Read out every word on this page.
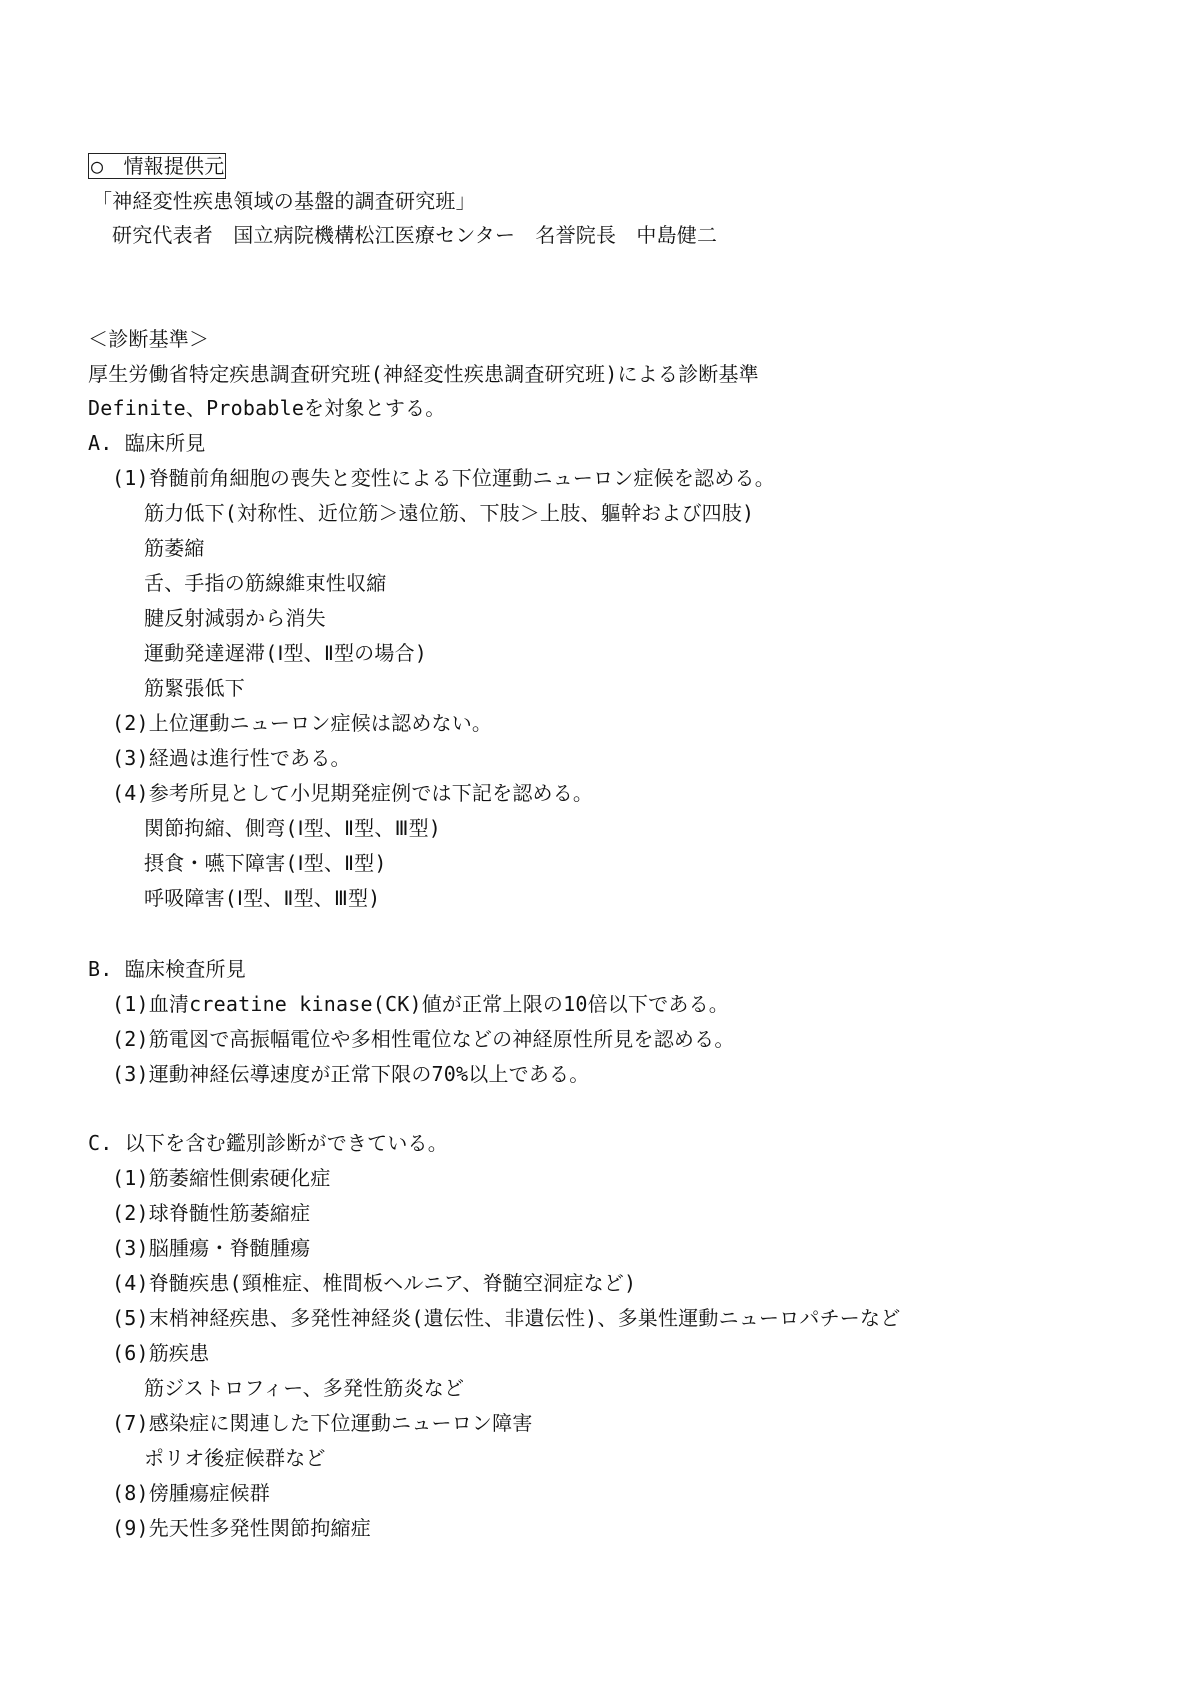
○　情報提供元
「神経変性疾患領域の基盤的調査研究班」
研究代表者　国立病院機構松江医療センター　名誉院長　中島健二
＜診断基準＞
厚生労働省特定疾患調査研究班(神経変性疾患調査研究班)による診断基準
Definite、Probableを対象とする。
A. 臨床所見
(1)脊髄前角細胞の喪失と変性による下位運動ニューロン症候を認める。
筋力低下(対称性、近位筋＞遠位筋、下肢＞上肢、軀幹および四肢)
筋萎縮
舌、手指の筋線維束性収縮
腱反射減弱から消失
運動発達遅滞(Ⅰ型、Ⅱ型の場合)
筋緊張低下
(2)上位運動ニューロン症候は認めない。
(3)経過は進行性である。
(4)参考所見として小児期発症例では下記を認める。
関節拘縮、側弯(Ⅰ型、Ⅱ型、Ⅲ型)
摂食・嚥下障害(Ⅰ型、Ⅱ型)
呼吸障害(Ⅰ型、Ⅱ型、Ⅲ型)
B. 臨床検査所見
(1)血清creatine kinase(CK)値が正常上限の10倍以下である。
(2)筋電図で高振幅電位や多相性電位などの神経原性所見を認める。
(3)運動神経伝導速度が正常下限の70%以上である。
C. 以下を含む鑑別診断ができている。
(1)筋萎縮性側索硬化症
(2)球脊髄性筋萎縮症
(3)脳腫瘍・脊髄腫瘍
(4)脊髄疾患(頸椎症、椎間板ヘルニア、脊髄空洞症など)
(5)末梢神経疾患、多発性神経炎(遺伝性、非遺伝性)、多巣性運動ニューロパチーなど
(6)筋疾患
筋ジストロフィー、多発性筋炎など
(7)感染症に関連した下位運動ニューロン障害
ポリオ後症候群など
(8)傍腫瘍症候群
(9)先天性多発性関節拘縮症
